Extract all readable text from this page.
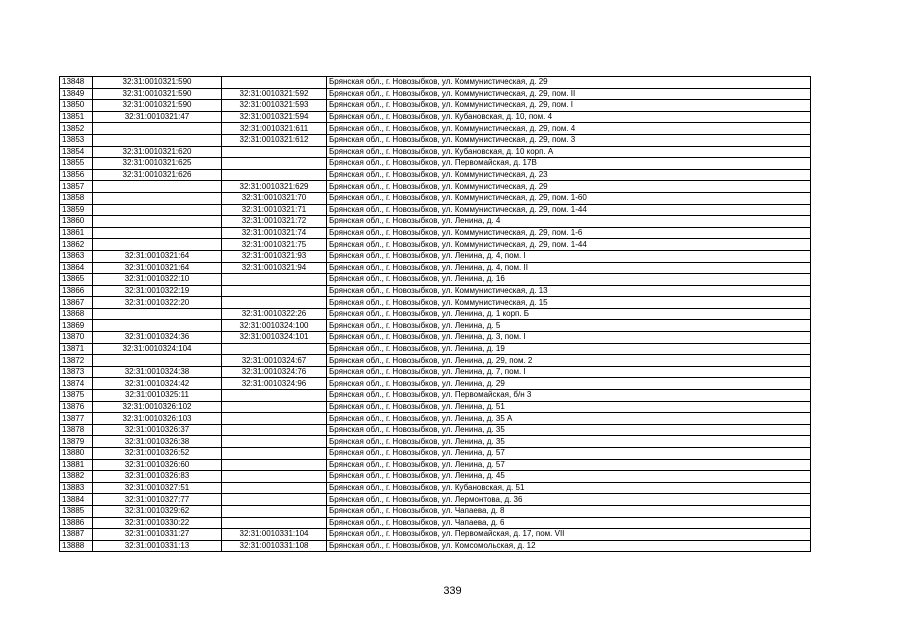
13848	32:31:0010321:590		Брянская обл., г. Новозыбков, ул. Коммунистическая, д. 29
13849	32:31:0010321:590	32:31:0010321:592	Брянская обл., г. Новозыбков, ул. Коммунистическая, д. 29, пом. II
13850	32:31:0010321:590	32:31:0010321:593	Брянская обл., г. Новозыбков, ул. Коммунистическая, д. 29, пом. I
13851	32:31:0010321:47	32:31:0010321:594	Брянская обл., г. Новозыбков, ул. Кубановская, д. 10, пом. 4
13852		32:31:0010321:611	Брянская обл., г. Новозыбков, ул. Коммунистическая, д. 29, пом. 4
13853		32:31:0010321:612	Брянская обл., г. Новозыбков, ул. Коммунистическая, д. 29, пом. 3
13854	32:31:0010321:620		Брянская обл., г. Новозыбков, ул. Кубановская, д. 10 корп. А
13855	32:31:0010321:625		Брянская обл., г. Новозыбков, ул. Первомайская, д. 17В
13856	32:31:0010321:626		Брянская обл., г. Новозыбков, ул. Коммунистическая, д. 23
13857		32:31:0010321:629	Брянская обл., г. Новозыбков, ул. Коммунистическая, д. 29
13858		32:31:0010321:70	Брянская обл., г. Новозыбков, ул. Коммунистическая, д. 29, пом. 1-60
13859		32:31:0010321:71	Брянская обл., г. Новозыбков, ул. Коммунистическая, д. 29, пом. 1-44
13860		32:31:0010321:72	Брянская обл., г. Новозыбков, ул. Ленина, д. 4
13861		32:31:0010321:74	Брянская обл., г. Новозыбков, ул. Коммунистическая, д. 29, пом. 1-6
13862		32:31:0010321:75	Брянская обл., г. Новозыбков, ул. Коммунистическая, д. 29, пом. 1-44
13863	32:31:0010321:64	32:31:0010321:93	Брянская обл., г. Новозыбков, ул. Ленина, д. 4, пом. I
13864	32:31:0010321:64	32:31:0010321:94	Брянская обл., г. Новозыбков, ул. Ленина, д. 4, пом. II
13865	32:31:0010322:10		Брянская обл., г. Новозыбков, ул. Ленина, д. 16
13866	32:31:0010322:19		Брянская обл., г. Новозыбков, ул. Коммунистическая, д. 13
13867	32:31:0010322:20		Брянская обл., г. Новозыбков, ул. Коммунистическая, д. 15
13868		32:31:0010322:26	Брянская обл., г. Новозыбков, ул. Ленина, д. 1 корп. Б
13869		32:31:0010324:100	Брянская обл., г. Новозыбков, ул. Ленина, д. 5
13870	32:31:0010324:36	32:31:0010324:101	Брянская обл., г. Новозыбков, ул. Ленина, д. 3, пом. I
13871	32:31:0010324:104		Брянская обл., г. Новозыбков, ул. Ленина, д. 19
13872		32:31:0010324:67	Брянская обл., г. Новозыбков, ул. Ленина, д. 29, пом. 2
13873	32:31:0010324:38	32:31:0010324:76	Брянская обл., г. Новозыбков, ул. Ленина, д. 7, пом. I
13874	32:31:0010324:42	32:31:0010324:96	Брянская обл., г. Новозыбков, ул. Ленина, д. 29
13875	32:31:0010325:11		Брянская обл., г. Новозыбков, ул. Первомайская, б/н 3
13876	32:31:0010326:102		Брянская обл., г. Новозыбков, ул. Ленина, д. 51
13877	32:31:0010326:103		Брянская обл., г. Новозыбков, ул. Ленина, д. 35 А
13878	32:31:0010326:37		Брянская обл., г. Новозыбков, ул. Ленина, д. 35
13879	32:31:0010326:38		Брянская обл., г. Новозыбков, ул. Ленина, д. 35
13880	32:31:0010326:52		Брянская обл., г. Новозыбков, ул. Ленина, д. 57
13881	32:31:0010326:60		Брянская обл., г. Новозыбков, ул. Ленина, д. 57
13882	32:31:0010326:83		Брянская обл., г. Новозыбков, ул. Ленина, д. 45
13883	32:31:0010327:51		Брянская обл., г. Новозыбков, ул. Кубановская, д. 51
13884	32:31:0010327:77		Брянская обл., г. Новозыбков, ул. Лермонтова, д. 36
13885	32:31:0010329:62		Брянская обл., г. Новозыбков, ул. Чапаева, д. 8
13886	32:31:0010330:22		Брянская обл., г. Новозыбков, ул. Чапаева, д. 6
13887	32:31:0010331:27	32:31:0010331:104	Брянская обл., г. Новозыбков, ул. Первомайская, д. 17, пом. VII
13888	32:31:0010331:13	32:31:0010331:108	Брянская обл., г. Новозыбков, ул. Комсомольская, д. 12
339
